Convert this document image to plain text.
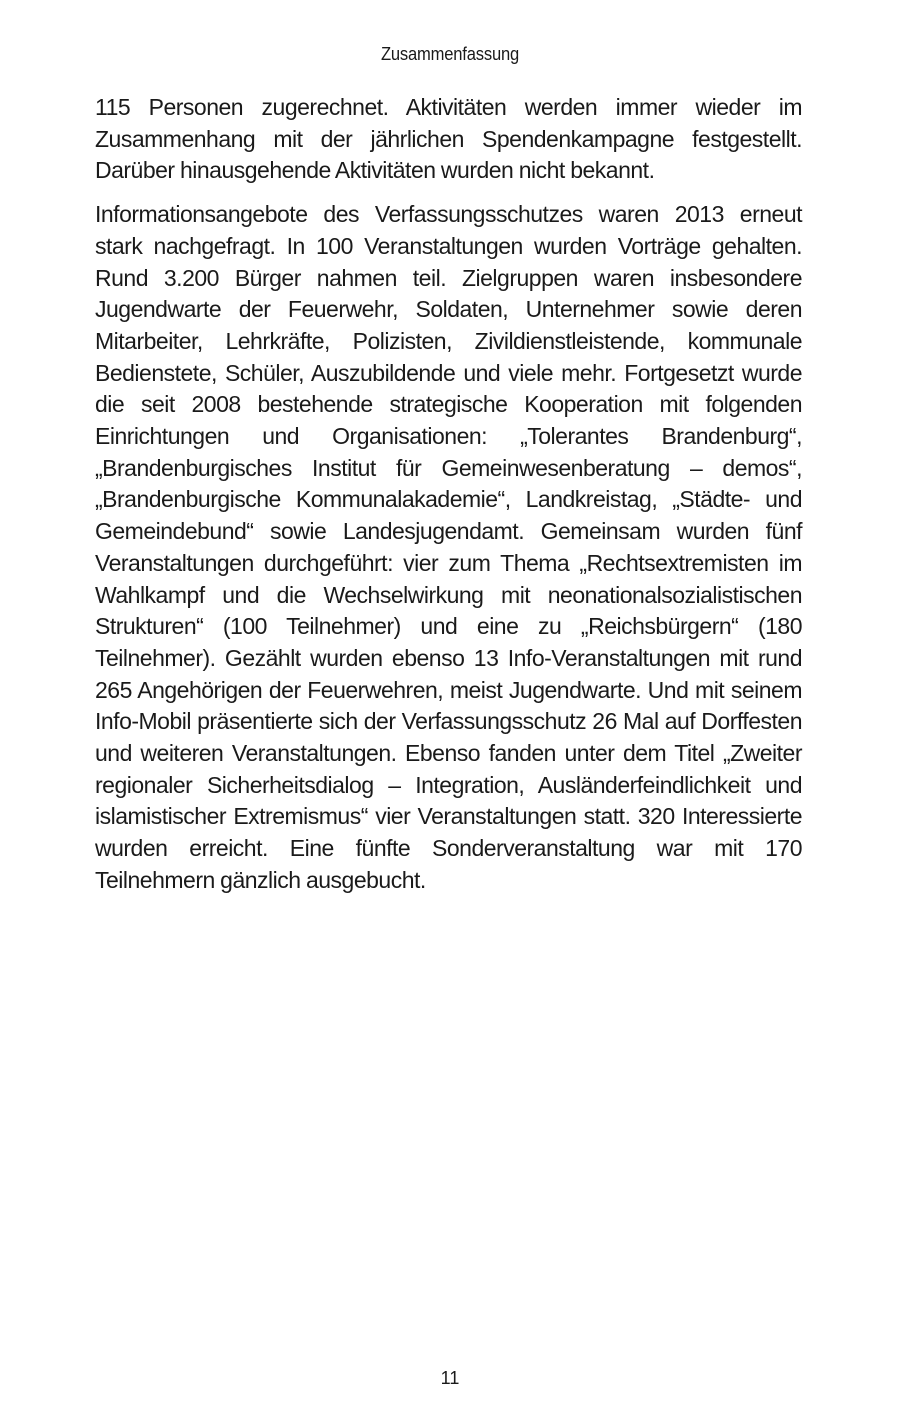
Zusammenfassung

115 Personen zugerechnet. Aktivitäten werden immer wieder im Zusammenhang mit der jährlichen Spendenkampagne festgestellt. Darüber hinausgehende Aktivitäten wurden nicht bekannt.

Informationsangebote des Verfassungsschutzes waren 2013 erneut stark nachgefragt. In 100 Veranstaltungen wurden Vorträge gehalten. Rund 3.200 Bürger nahmen teil. Zielgruppen waren insbesondere Jugendwarte der Feuerwehr, Soldaten, Unternehmer sowie deren Mitarbeiter, Lehrkräfte, Polizisten, Zivildienstleistende, kommunale Bedienstete, Schüler, Auszubildende und viele mehr. Fortgesetzt wurde die seit 2008 bestehende strategische Kooperation mit folgenden Einrichtungen und Organisationen: „Tolerantes Brandenburg“, „Brandenburgisches Institut für Gemeinwesenberatung – demos“, „Brandenburgische Kommunalakademie“, Landkreistag, „Städte- und Gemeindebund“ sowie Landesjugendamt. Gemeinsam wurden fünf Veranstaltungen durchgeführt: vier zum Thema „Rechtsextremisten im Wahlkampf und die Wechselwirkung mit neonationalsozialistischen Strukturen“ (100 Teilnehmer) und eine zu „Reichsbürgern“ (180 Teilnehmer). Gezählt wurden ebenso 13 Info-Veranstaltungen mit rund 265 Angehörigen der Feuerwehren, meist Jugendwarte. Und mit seinem Info-Mobil präsentierte sich der Verfassungsschutz 26 Mal auf Dorffesten und weiteren Veranstaltungen. Ebenso fanden unter dem Titel „Zweiter regionaler Sicherheitsdialog – Integration, Ausländerfeindlichkeit und islamistischer Extremismus“ vier Veranstaltungen statt. 320 Interessierte wurden erreicht. Eine fünfte Sonderveranstaltung war mit 170 Teilnehmern gänzlich ausgebucht.

11
